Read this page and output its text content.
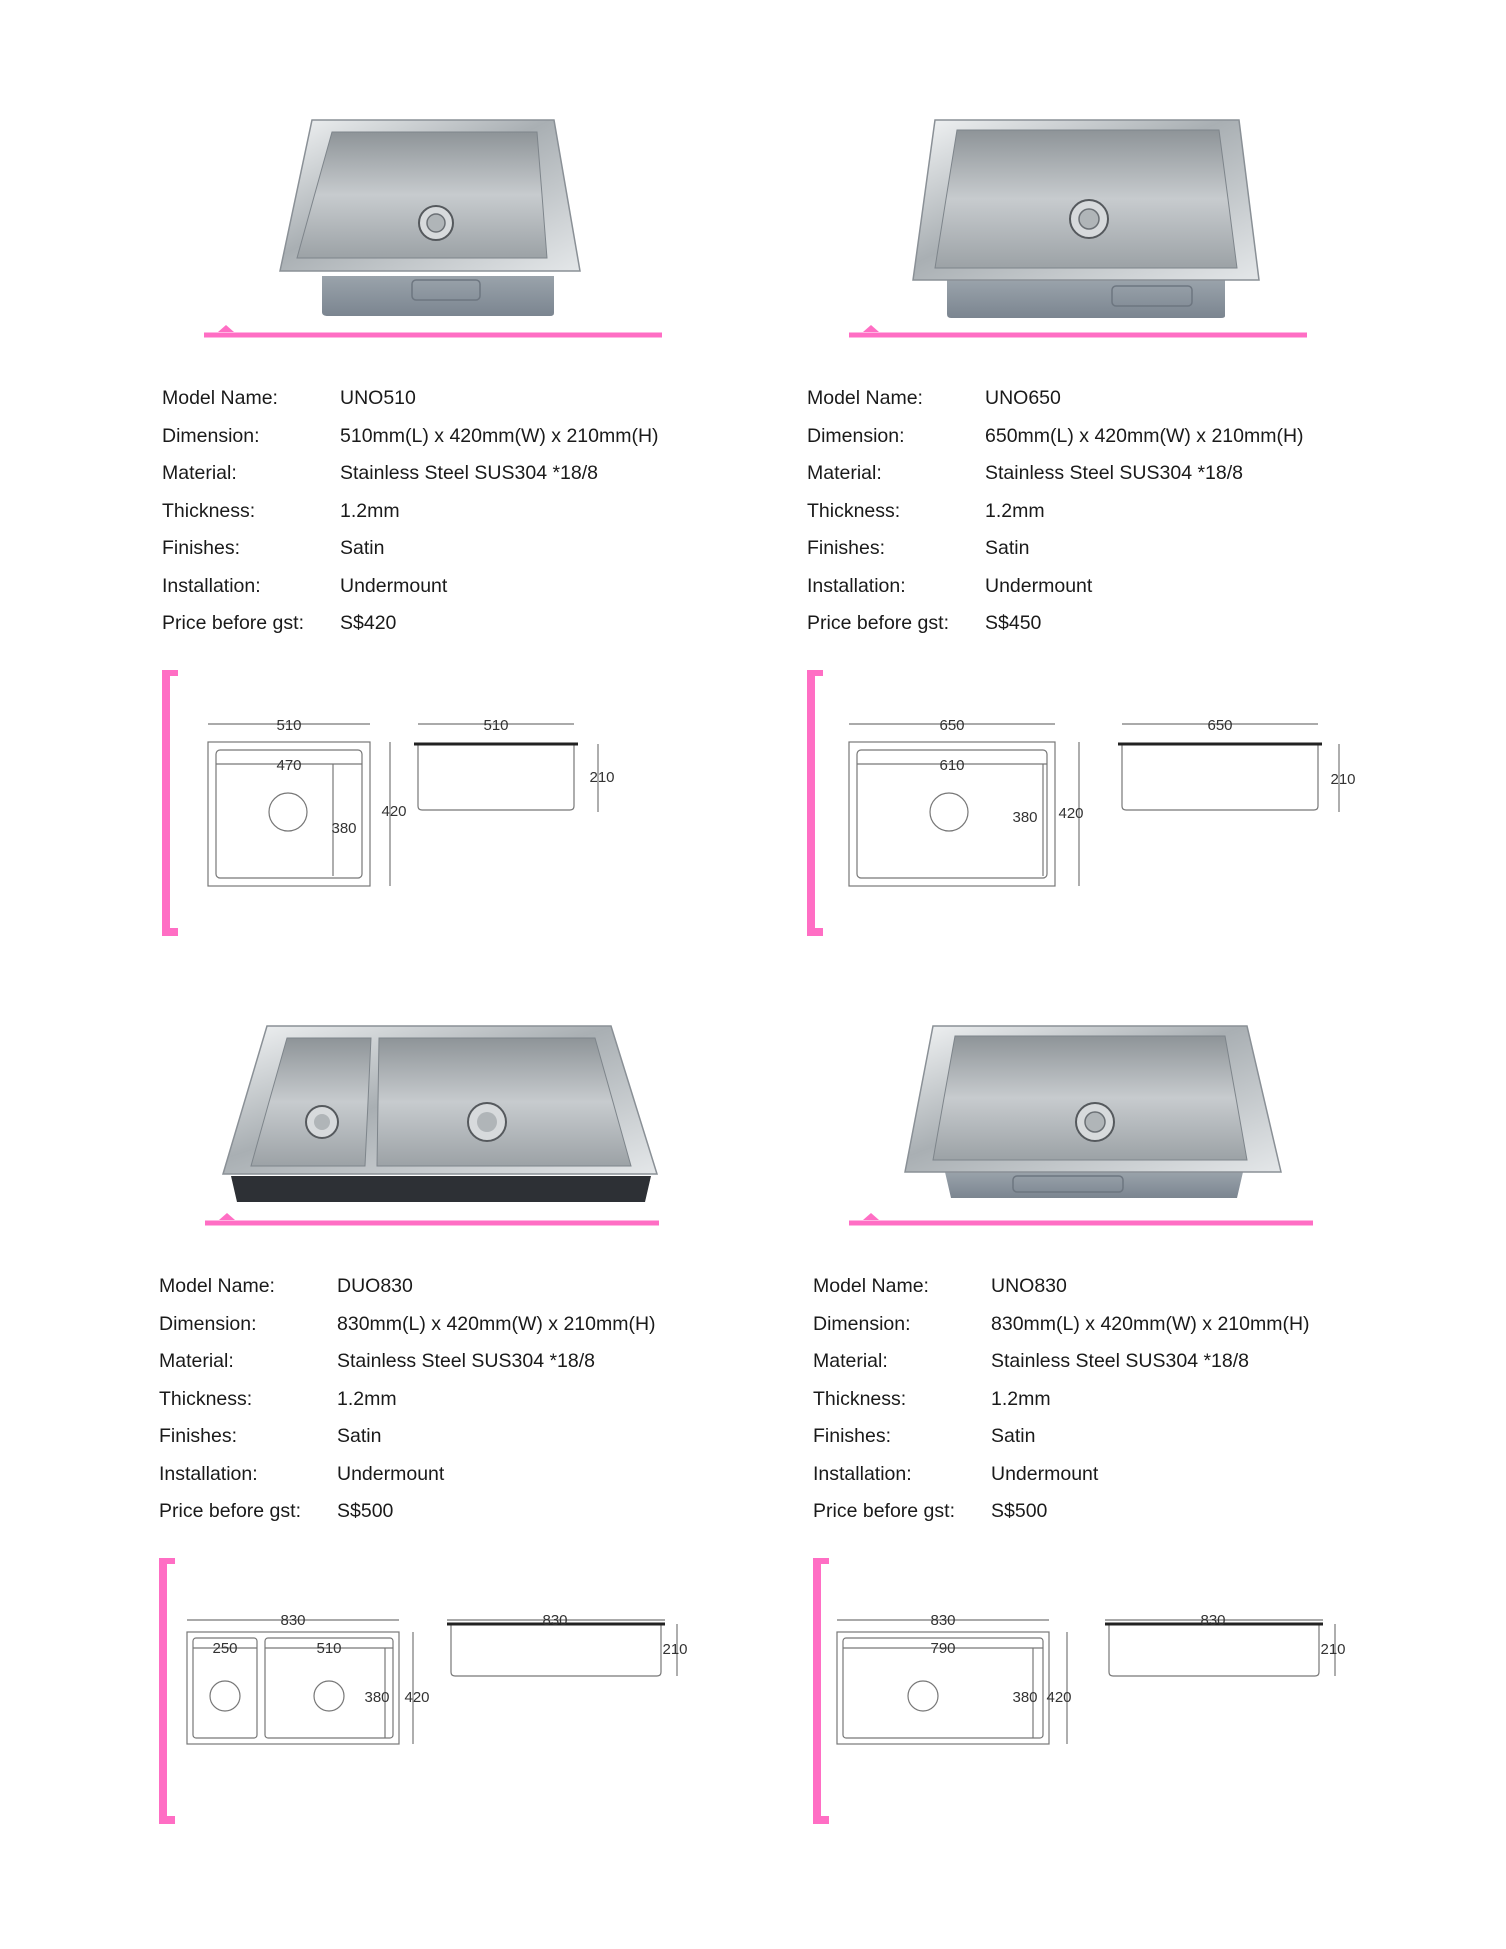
Model Name:	UNO510
Dimension:	510mm(L) x 420mm(W) x 210mm(H)
Material:	Stainless Steel SUS304 *18/8
Thickness:	1.2mm
Finishes:	Satin
Installation:	Undermount
Price before gst:	S$420
510
470
380
420
510
210
Model Name:	UNO650
Dimension:	650mm(L) x 420mm(W) x 210mm(H)
Material:	Stainless Steel SUS304 *18/8
Thickness:	1.2mm
Finishes:	Satin
Installation:	Undermount
Price before gst:	S$450
650
610
380 420
650
210
Model Name:	DUO830
Dimension:	830mm(L) x 420mm(W) x 210mm(H)
Material:	Stainless Steel SUS304 *18/8
Thickness:	1.2mm
Finishes:	Satin
Installation:	Undermount
Price before gst:	S$500
830
250	510
380 420
830
210
Model Name:	UNO830
Dimension:	830mm(L) x 420mm(W) x 210mm(H)
Material:	Stainless Steel SUS304 *18/8
Thickness:	1.2mm
Finishes:	Satin
Installation:	Undermount
Price before gst:	S$500
830
790
380 420
830
210
